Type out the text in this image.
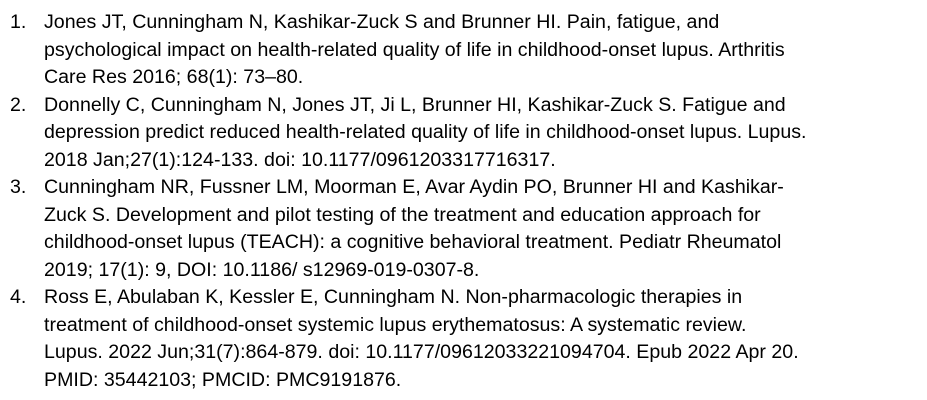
1. Jones JT, Cunningham N, Kashikar-Zuck S and Brunner HI. Pain, fatigue, and
psychological impact on health-related quality of life in childhood-onset lupus. Arthritis
Care Res 2016; 68(1): 73–80.
2. Donnelly C, Cunningham N, Jones JT, Ji L, Brunner HI, Kashikar-Zuck S. Fatigue and
depression predict reduced health-related quality of life in childhood-onset lupus. Lupus.
2018 Jan;27(1):124-133. doi: 10.1177/0961203317716317.
3. Cunningham NR, Fussner LM, Moorman E, Avar Aydin PO, Brunner HI and Kashikar-
Zuck S. Development and pilot testing of the treatment and education approach for
childhood-onset lupus (TEACH): a cognitive behavioral treatment. Pediatr Rheumatol
2019; 17(1): 9, DOI: 10.1186/ s12969-019-0307-8.
4. Ross E, Abulaban K, Kessler E, Cunningham N. Non-pharmacologic therapies in
treatment of childhood-onset systemic lupus erythematosus: A systematic review.
Lupus. 2022 Jun;31(7):864-879. doi: 10.1177/09612033221094704. Epub 2022 Apr 20.
PMID: 35442103; PMCID: PMC9191876.
